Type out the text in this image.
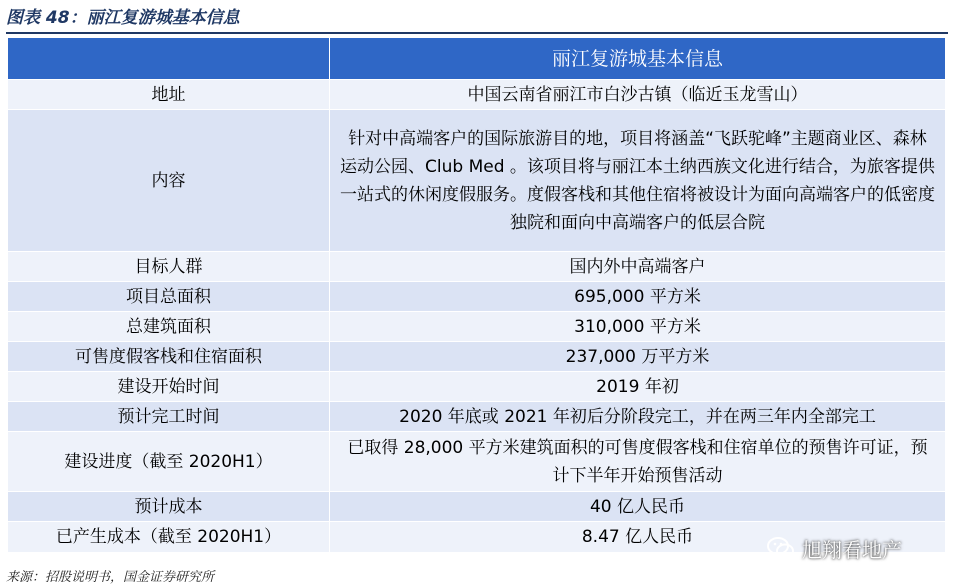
图表 48：丽江复游城基本信息
	丽江复游城基本信息
地址	中国云南省丽江市白沙古镇（临近玉龙雪山）
内容	针对中高端客户的国际旅游目的地，项目将涵盖“飞跃驼峰”主题商业区、森林运动公园、Club Med 。该项目将与丽江本土纳西族文化进行结合，为旅客提供一站式的休闲度假服务。度假客栈和其他住宿将被设计为面向高端客户的低密度独院和面向中高端客户的低层合院
目标人群	国内外中高端客户
项目总面积	695,000 平方米
总建筑面积	310,000 平方米
可售度假客栈和住宿面积	237,000 万平方米
建设开始时间	2019 年初
预计完工时间	2020 年底或 2021 年初后分阶段完工，并在两三年内全部完工
建设进度（截至 2020H1）	已取得 28,000 平方米建筑面积的可售度假客栈和住宿单位的预售许可证，预计下半年开始预售活动
预计成本	40 亿人民币
已产生成本（截至 2020H1）	8.47 亿人民币
来源：招股说明书，国金证券研究所
旭翔看地产
